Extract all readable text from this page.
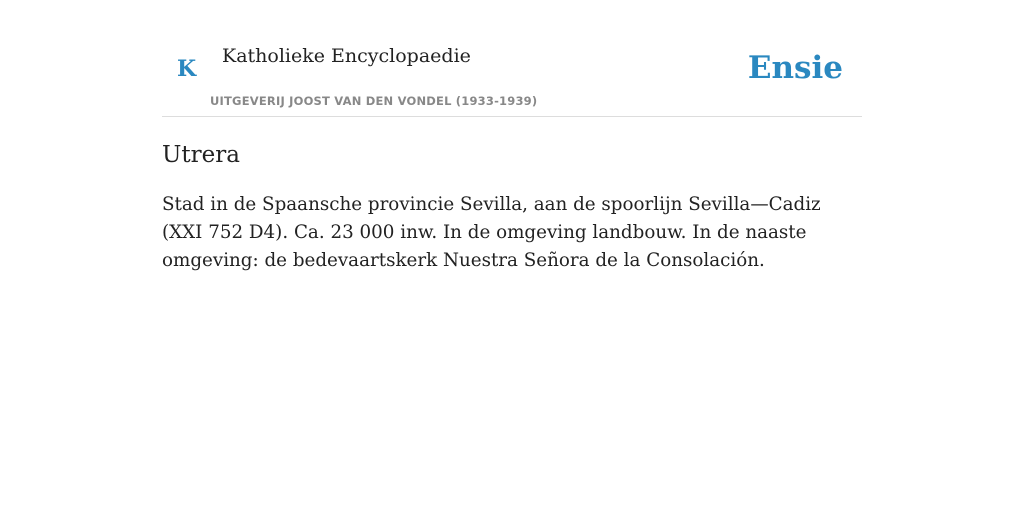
K Katholieke Encyclopaedie
UITGEVERIJ JOOST VAN DEN VONDEL (1933-1939)
Ensie
Utrera

Stad in de Spaansche provincie Sevilla, aan de spoorlijn Sevilla—Cadiz (XXI 752 D4). Ca. 23 000 inw. In de omgeving landbouw. In de naaste omgeving: de bedevaartskerk Nuestra Señora de la Consolación.
